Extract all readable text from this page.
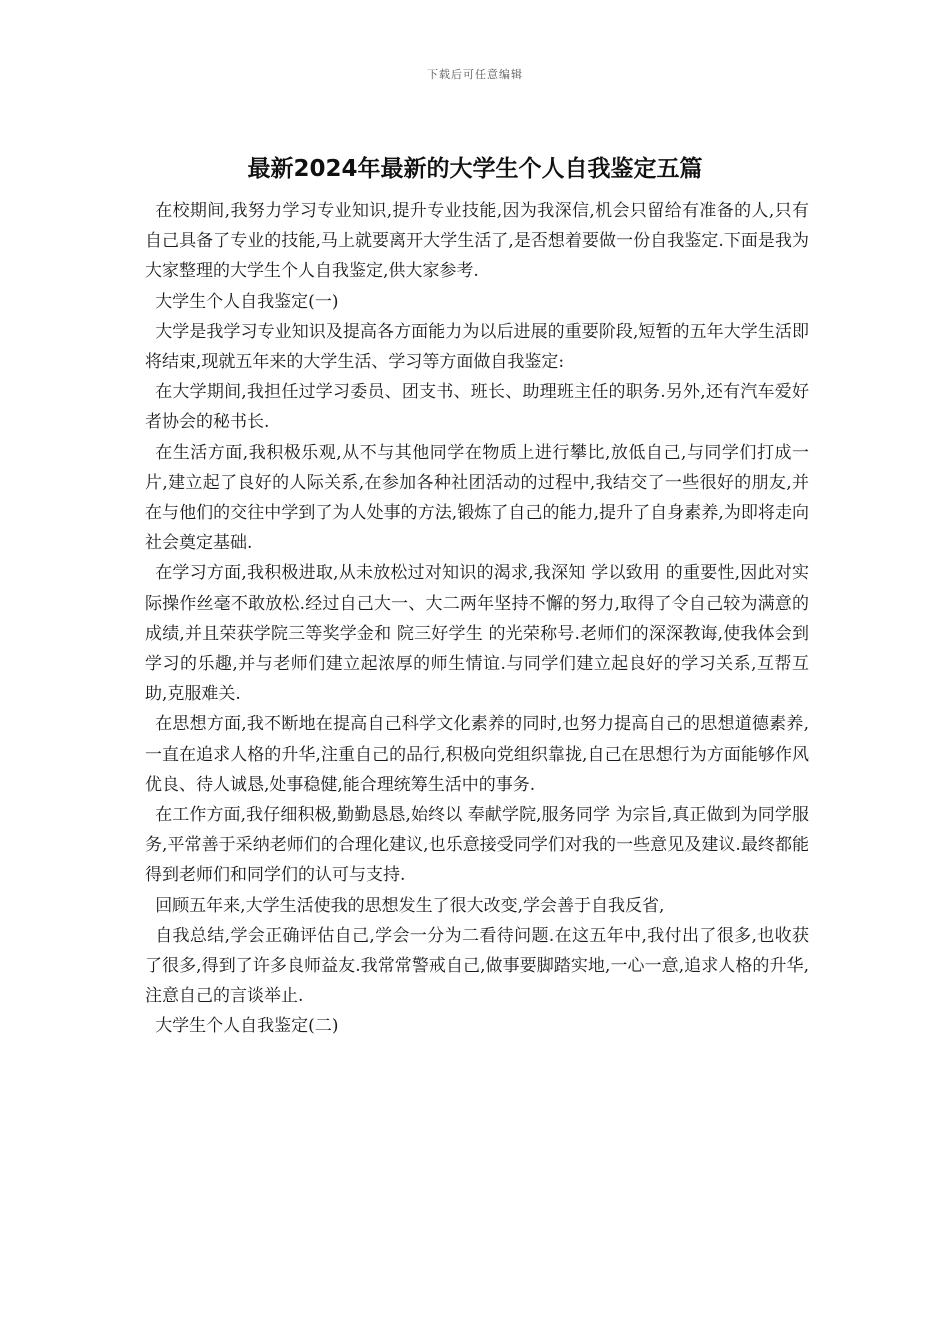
下载后可任意编辑
最新2024年最新的大学生个人自我鉴定五篇

在校期间,我努力学习专业知识,提升专业技能,因为我深信,机会只留给有准备的人,只有自己具备了专业的技能,马上就要离开大学生活了,是否想着要做一份自我鉴定.下面是我为大家整理的大学生个人自我鉴定,供大家参考.

大学生个人自我鉴定(一)

大学是我学习专业知识及提高各方面能力为以后进展的重要阶段,短暂的五年大学生活即将结束,现就五年来的大学生活、学习等方面做自我鉴定:

在大学期间,我担任过学习委员、团支书、班长、助理班主任的职务.另外,还有汽车爱好者协会的秘书长.

在生活方面,我积极乐观,从不与其他同学在物质上进行攀比,放低自己,与同学们打成一片,建立起了良好的人际关系,在参加各种社团活动的过程中,我结交了一些很好的朋友,并在与他们的交往中学到了为人处事的方法,锻炼了自己的能力,提升了自身素养,为即将走向社会奠定基础.

在学习方面,我积极进取,从未放松过对知识的渴求,我深知 学以致用 的重要性,因此对实际操作丝毫不敢放松.经过自己大一、大二两年坚持不懈的努力,取得了令自己较为满意的成绩,并且荣获学院三等奖学金和 院三好学生 的光荣称号.老师们的深深教诲,使我体会到学习的乐趣,并与老师们建立起浓厚的师生情谊.与同学们建立起良好的学习关系,互帮互助,克服难关.

在思想方面,我不断地在提高自己科学文化素养的同时,也努力提高自己的思想道德素养,一直在追求人格的升华,注重自己的品行,积极向党组织靠拢,自己在思想行为方面能够作风优良、待人诚恳,处事稳健,能合理统筹生活中的事务.

在工作方面,我仔细积极,勤勤恳恳,始终以 奉献学院,服务同学 为宗旨,真正做到为同学服务,平常善于采纳老师们的合理化建议,也乐意接受同学们对我的一些意见及建议.最终都能得到老师们和同学们的认可与支持.

回顾五年来,大学生活使我的思想发生了很大改变,学会善于自我反省,

自我总结,学会正确评估自己,学会一分为二看待问题.在这五年中,我付出了很多,也收获了很多,得到了许多良师益友.我常常警戒自己,做事要脚踏实地,一心一意,追求人格的升华,注意自己的言谈举止.

大学生个人自我鉴定(二)
